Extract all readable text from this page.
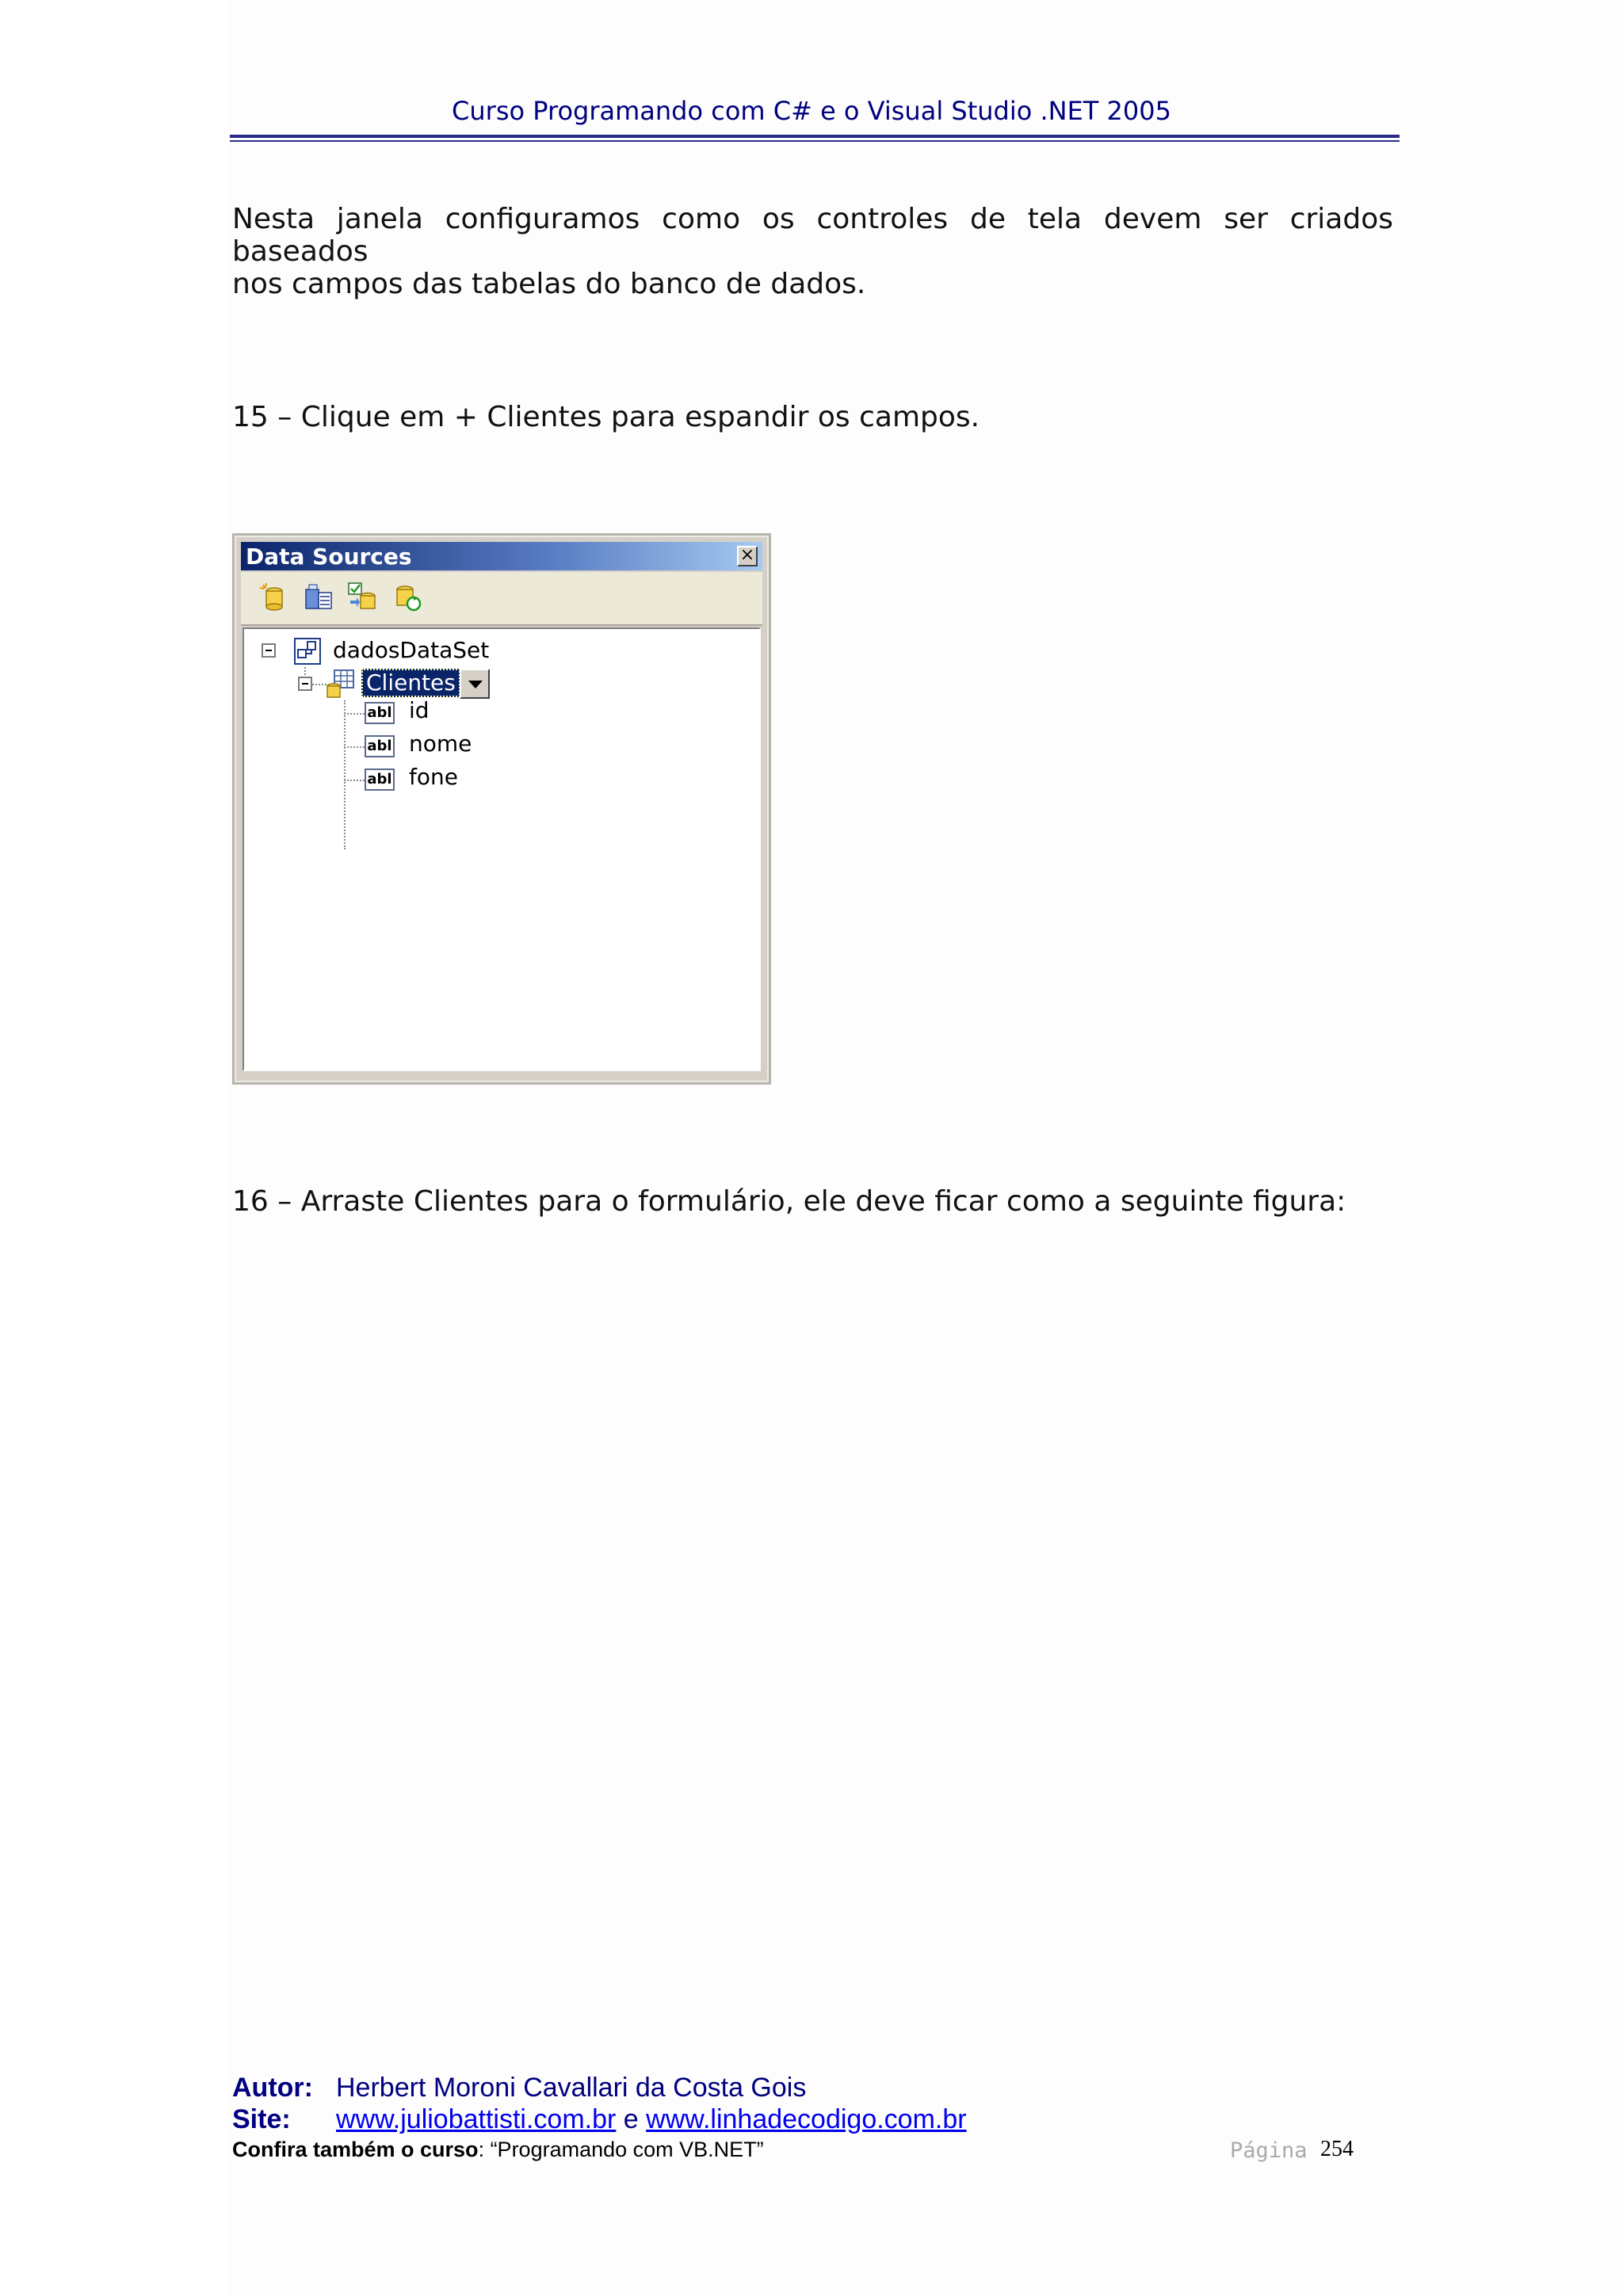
Curso Programando com C# e o Visual Studio .NET 2005
Nesta janela configuramos como os controles de tela devem ser criados baseados
nos campos das tabelas do banco de dados.
15 – Clique em + Clientes para espandir os campos.
Data Sources	×
dadosDataSet
Clientes
abl id
abl nome
abl fone
16 – Arraste Clientes para o formulário, ele deve ficar como a seguinte figura:
Autor: Herbert Moroni Cavallari da Costa Gois
Site: www.juliobattisti.com.br e www.linhadecodigo.com.br
Confira também o curso: “Programando com VB.NET”	Página 254
